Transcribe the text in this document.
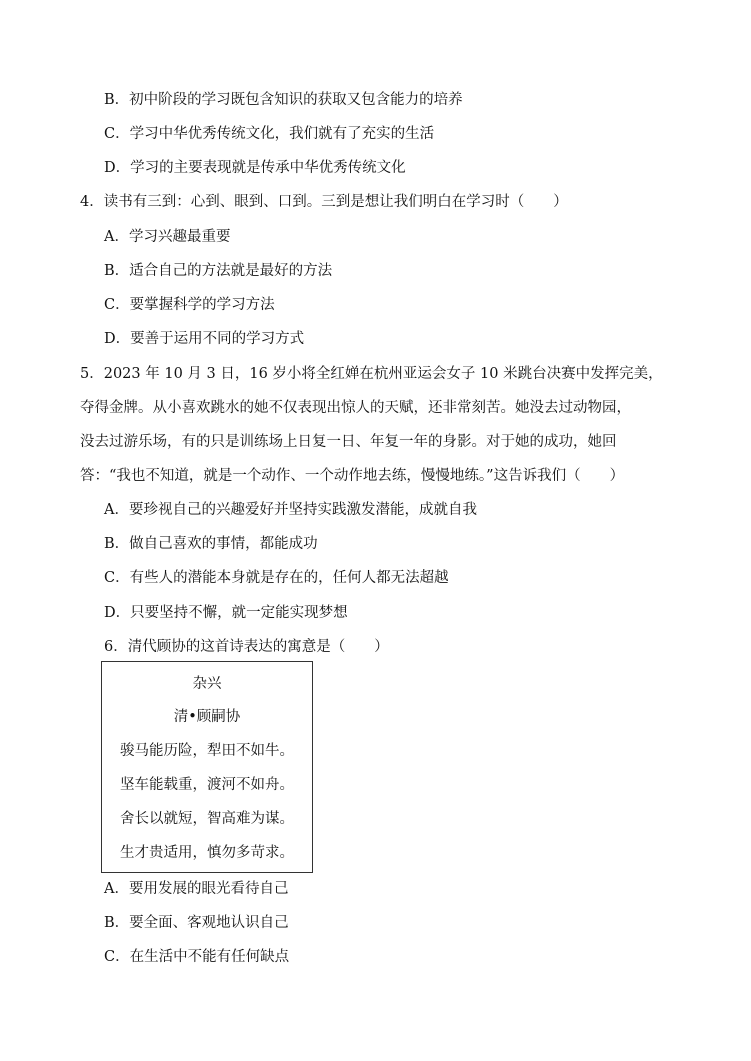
B．初中阶段的学习既包含知识的获取又包含能力的培养
C．学习中华优秀传统文化，我们就有了充实的生活
D．学习的主要表现就是传承中华优秀传统文化
4．读书有三到：心到、眼到、口到。三到是想让我们明白在学习时（　　）
A．学习兴趣最重要
B．适合自己的方法就是最好的方法
C．要掌握科学的学习方法
D．要善于运用不同的学习方式
5．2023 年 10 月 3 日，16 岁小将全红婵在杭州亚运会女子 10 米跳台决赛中发挥完美，
夺得金牌。从小喜欢跳水的她不仅表现出惊人的天赋，还非常刻苦。她没去过动物园，
没去过游乐场，有的只是训练场上日复一日、年复一年的身影。对于她的成功，她回
答：“我也不知道，就是一个动作、一个动作地去练，慢慢地练。”这告诉我们（　　）
A．要珍视自己的兴趣爱好并坚持实践激发潜能，成就自我
B．做自己喜欢的事情，都能成功
C．有些人的潜能本身就是存在的，任何人都无法超越
D．只要坚持不懈，就一定能实现梦想
6．清代顾协的这首诗表达的寓意是（　　）
杂兴
清•顾嗣协
骏马能历险，犁田不如牛。
坚车能载重，渡河不如舟。
舍长以就短，智高难为谋。
生才贵适用，慎勿多苛求。
A．要用发展的眼光看待自己
B．要全面、客观地认识自己
C．在生活中不能有任何缺点
